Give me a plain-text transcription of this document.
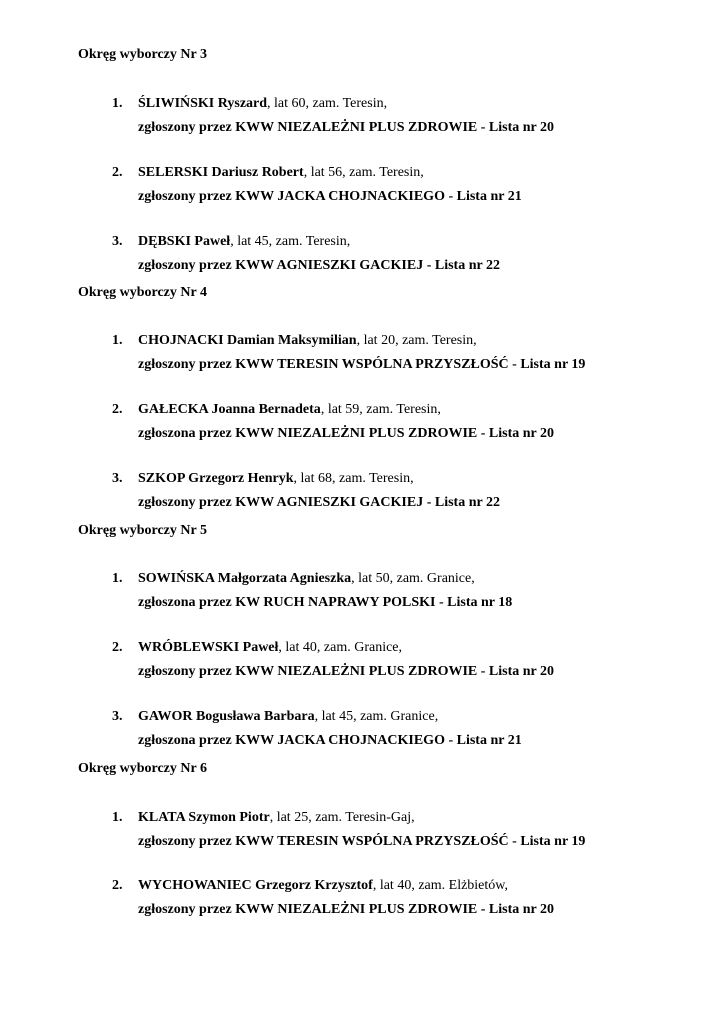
Okręg wyborczy Nr 3
1. ŚLIWIŃSKI Ryszard, lat 60, zam. Teresin,
zgłoszony przez KWW NIEZALEŻNI PLUS ZDROWIE - Lista nr 20
2. SELERSKI Dariusz Robert, lat 56, zam. Teresin,
zgłoszony przez KWW JACKA CHOJNACKIEGO - Lista nr 21
3. DĘBSKI Paweł, lat 45, zam. Teresin,
zgłoszony przez KWW AGNIESZKI GACKIEJ - Lista nr 22
Okręg wyborczy Nr 4
1. CHOJNACKI Damian Maksymilian, lat 20, zam. Teresin,
zgłoszony przez KWW TERESIN WSPÓLNA PRZYSZŁOŚĆ - Lista nr 19
2. GAŁECKA Joanna Bernadeta, lat 59, zam. Teresin,
zgłoszona przez KWW NIEZALEŻNI PLUS ZDROWIE - Lista nr 20
3. SZKOP Grzegorz Henryk, lat 68, zam. Teresin,
zgłoszony przez KWW AGNIESZKI GACKIEJ - Lista nr 22
Okręg wyborczy Nr 5
1. SOWIŃSKA Małgorzata Agnieszka, lat 50, zam. Granice,
zgłoszona przez KW RUCH NAPRAWY POLSKI - Lista nr 18
2. WRÓBLEWSKI Paweł, lat 40, zam. Granice,
zgłoszony przez KWW NIEZALEŻNI PLUS ZDROWIE - Lista nr 20
3. GAWOR Bogusława Barbara, lat 45, zam. Granice,
zgłoszona przez KWW JACKA CHOJNACKIEGO - Lista nr 21
Okręg wyborczy Nr 6
1. KLATA Szymon Piotr, lat 25, zam. Teresin-Gaj,
zgłoszony przez KWW TERESIN WSPÓLNA PRZYSZŁOŚĆ - Lista nr 19
2. WYCHOWANIEC Grzegorz Krzysztof, lat 40, zam. Elżbietów,
zgłoszony przez KWW NIEZALEŻNI PLUS ZDROWIE - Lista nr 20
